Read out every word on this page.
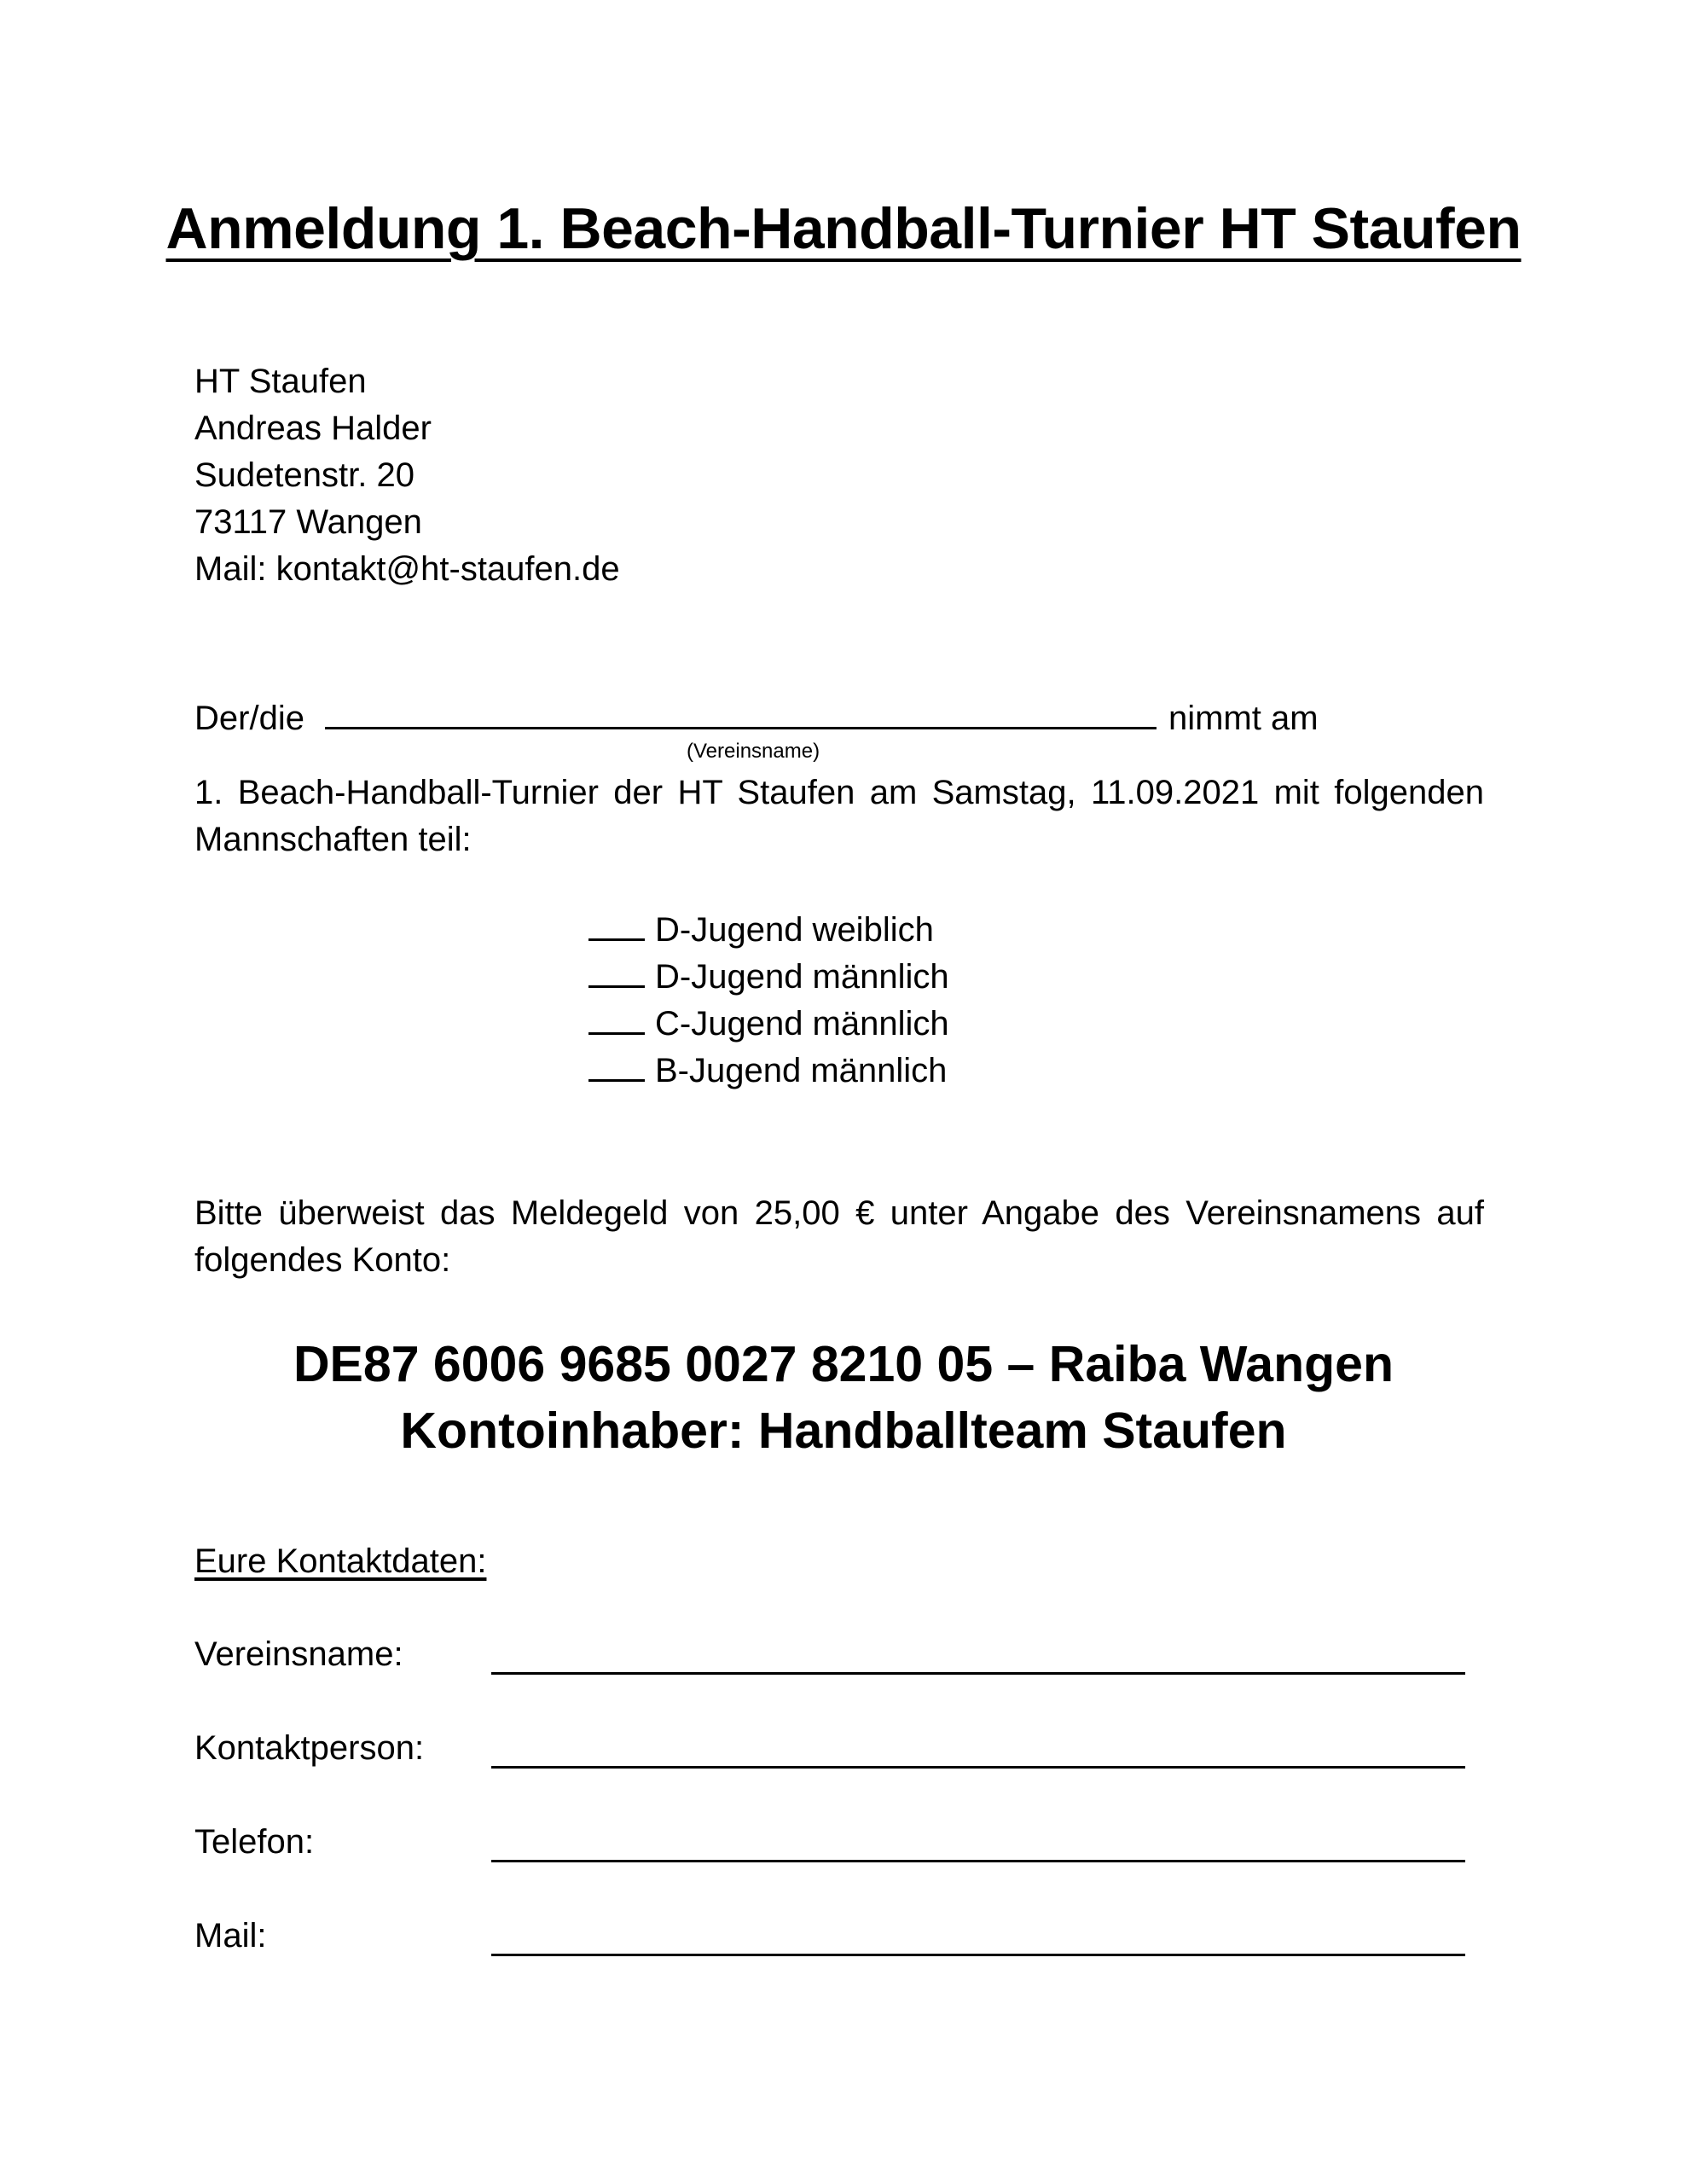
Anmeldung 1. Beach-Handball-Turnier HT Staufen
HT Staufen
Andreas Halder
Sudetenstr. 20
73117 Wangen
Mail: kontakt@ht-staufen.de
Der/die	nimmt am
(Vereinsname)
1. Beach-Handball-Turnier der HT Staufen am Samstag, 11.09.2021 mit folgenden Mannschaften teil:
D-Jugend weiblich
D-Jugend männlich
C-Jugend männlich
B-Jugend männlich
Bitte überweist das Meldegeld von 25,00 € unter Angabe des Vereinsnamens auf folgendes Konto:
DE87 6006 9685 0027 8210 05 – Raiba Wangen
Kontoinhaber: Handballteam Staufen
Eure Kontaktdaten:
Vereinsname:
Kontaktperson:
Telefon:
Mail:
